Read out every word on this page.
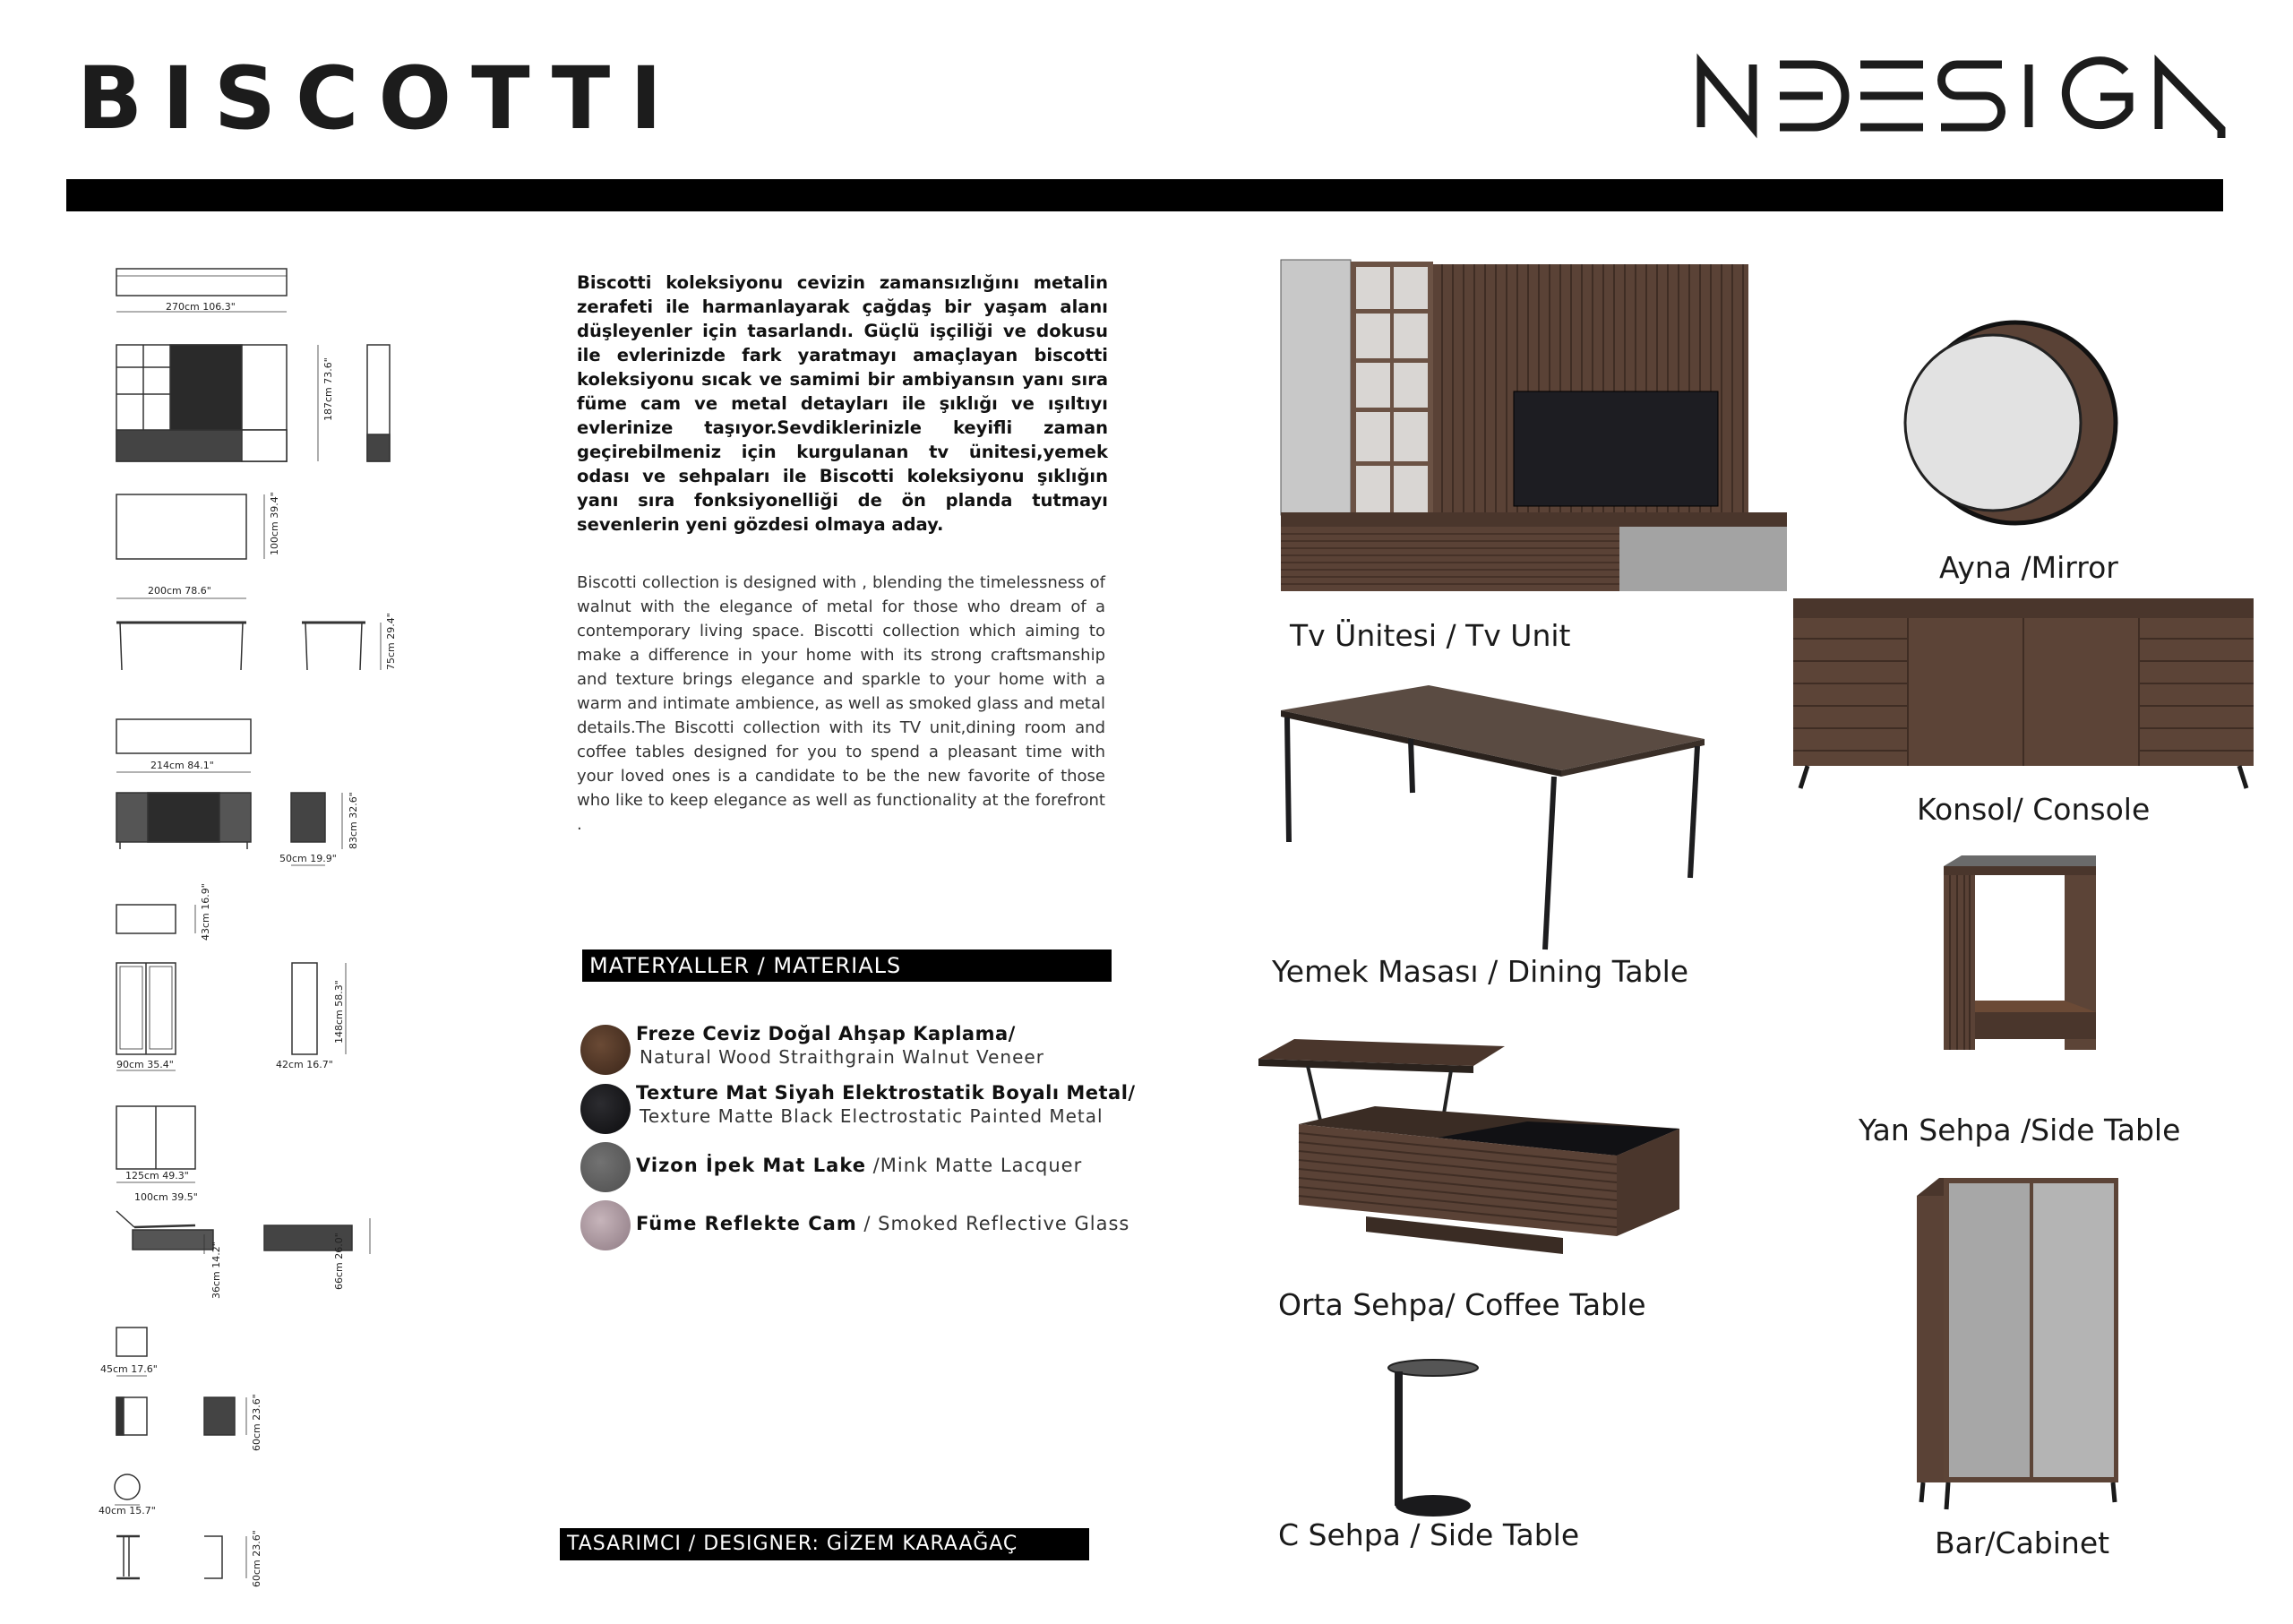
BISCOTTI
270cm 106.3"
187cm 73.6"
100cm 39.4"
200cm 78.6"
75cm 29.4"
214cm 84.1"
83cm 32.6"
50cm 19.9"
43cm 16.9"
148cm 58.3"
90cm 35.4"	42cm 16.7"
125cm 49.3"
100cm 39.5"
36cm 14.2"	66cm 26.0"
45cm 17.6"
60cm 23.6"
40cm 15.7"
60cm 23.6"
Biscotti koleksiyonu cevizin zamansızlığını metalin zerafeti ile harmanlayarak çağdaş bir yaşam alanı düşleyenler için tasarlandı. Güçlü işçiliği ve dokusu ile evlerinizde fark yaratmayı amaçlayan biscotti koleksiyonu sıcak ve samimi bir ambiyansın yanı sıra füme cam ve metal detayları ile şıklığı ve ışıltıyı evlerinize taşıyor.Sevdiklerinizle keyifli zaman geçirebilmeniz için kurgulanan tv ünitesi,yemek odası ve sehpaları ile Biscotti koleksiyonu şıklığın yanı sıra fonksiyonelliği de ön planda tutmayı sevenlerin yeni gözdesi olmaya aday.
Biscotti collection is designed with , blending the timelessness of walnut with the elegance of metal for those who dream of a contemporary living space. Biscotti collection which aiming to make a difference in your home with its strong craftsmanship and texture brings elegance and sparkle to your home with a warm and intimate ambience, as well as smoked glass and metal details.The Biscotti collection with its TV unit,dining room and coffee tables designed for you to spend a pleasant time with your loved ones is a candidate to be the new favorite of those who like to keep elegance as well as functionality at the forefront .
MATERYALLER / MATERIALS
Freze Ceviz Doğal Ahşap Kaplama/
Natural Wood Straithgrain Walnut Veneer
Texture Mat Siyah Elektrostatik Boyalı Metal/
Texture Matte Black Electrostatic Painted Metal
Vizon İpek Mat Lake /Mink Matte Lacquer
Füme Reflekte Cam / Smoked Reflective Glass
TASARIMCI / DESIGNER: GİZEM KARAAĞAÇ
Tv Ünitesi / Tv Unit
Ayna /Mirror
Konsol/ Console
Yemek Masası / Dining Table
Yan Sehpa /Side Table
Orta Sehpa/ Coffee Table
C Sehpa / Side Table	Bar/Cabinet
